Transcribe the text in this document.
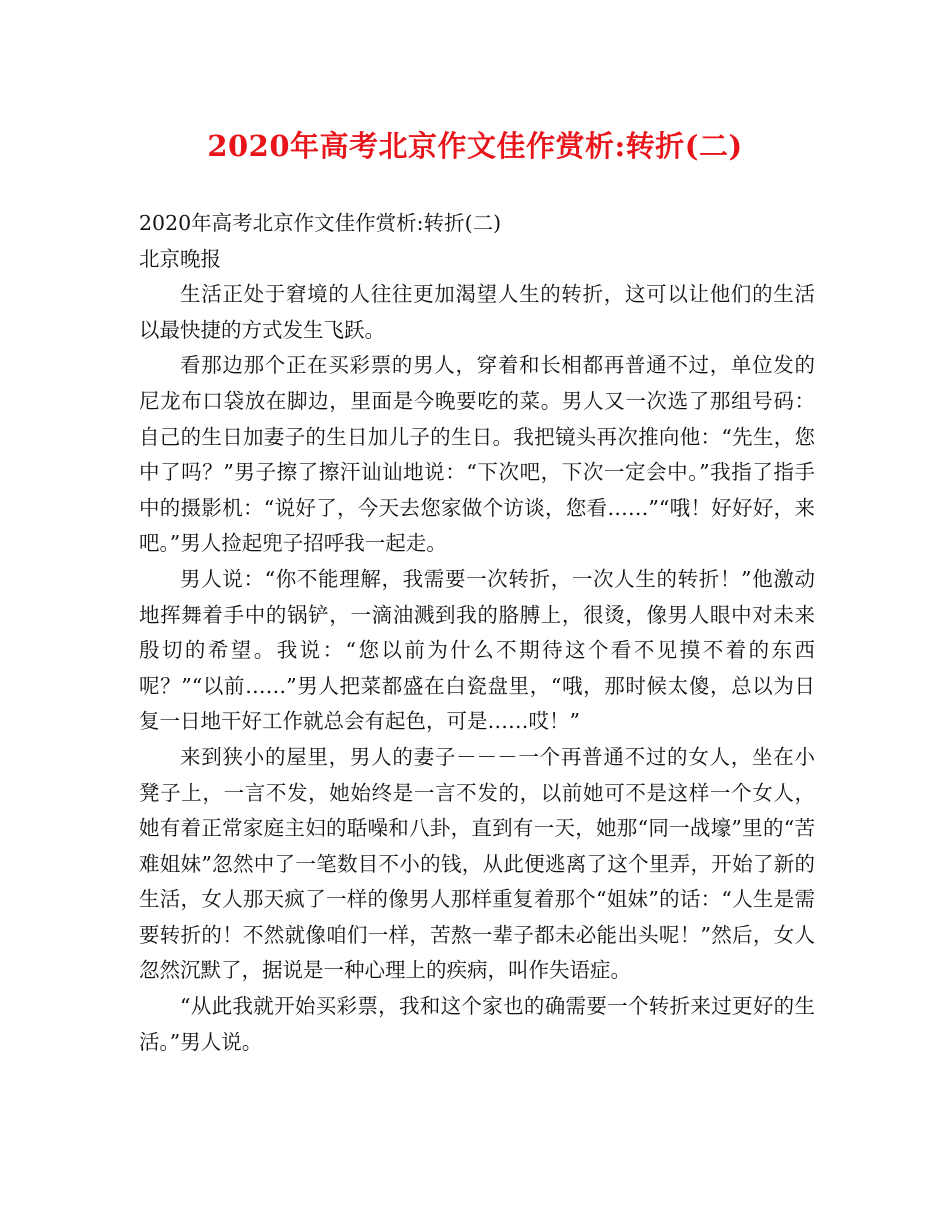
2020年高考北京作文佳作赏析:转折(二)

2020年高考北京作文佳作赏析:转折(二)

北京晚报

生活正处于窘境的人往往更加渴望人生的转折，这可以让他们的生活以最快捷的方式发生飞跃。

看那边那个正在买彩票的男人，穿着和长相都再普通不过，单位发的尼龙布口袋放在脚边，里面是今晚要吃的菜。男人又一次选了那组号码：自己的生日加妻子的生日加儿子的生日。我把镜头再次推向他：“先生，您中了吗？”男子擦了擦汗讪讪地说：“下次吧，下次一定会中。”我指了指手中的摄影机：“说好了，今天去您家做个访谈，您看……”“哦！好好好，来吧。”男人捡起兜子招呼我一起走。

男人说：“你不能理解，我需要一次转折，一次人生的转折！”他激动地挥舞着手中的锅铲，一滴油溅到我的胳膊上，很烫，像男人眼中对未来殷切的希望。我说：“您以前为什么不期待这个看不见摸不着的东西呢？”“以前……”男人把菜都盛在白瓷盘里，“哦，那时候太傻，总以为日复一日地干好工作就总会有起色，可是……哎！”

来到狭小的屋里，男人的妻子－－－一个再普通不过的女人，坐在小凳子上，一言不发，她始终是一言不发的，以前她可不是这样一个女人，她有着正常家庭主妇的聒噪和八卦，直到有一天，她那“同一战壕”里的“苦难姐妹”忽然中了一笔数目不小的钱，从此便逃离了这个里弄，开始了新的生活，女人那天疯了一样的像男人那样重复着那个“姐妹”的话：“人生是需要转折的！不然就像咱们一样，苦熬一辈子都未必能出头呢！”然后，女人忽然沉默了，据说是一种心理上的疾病，叫作失语症。

“从此我就开始买彩票，我和这个家也的确需要一个转折来过更好的生活。”男人说。
